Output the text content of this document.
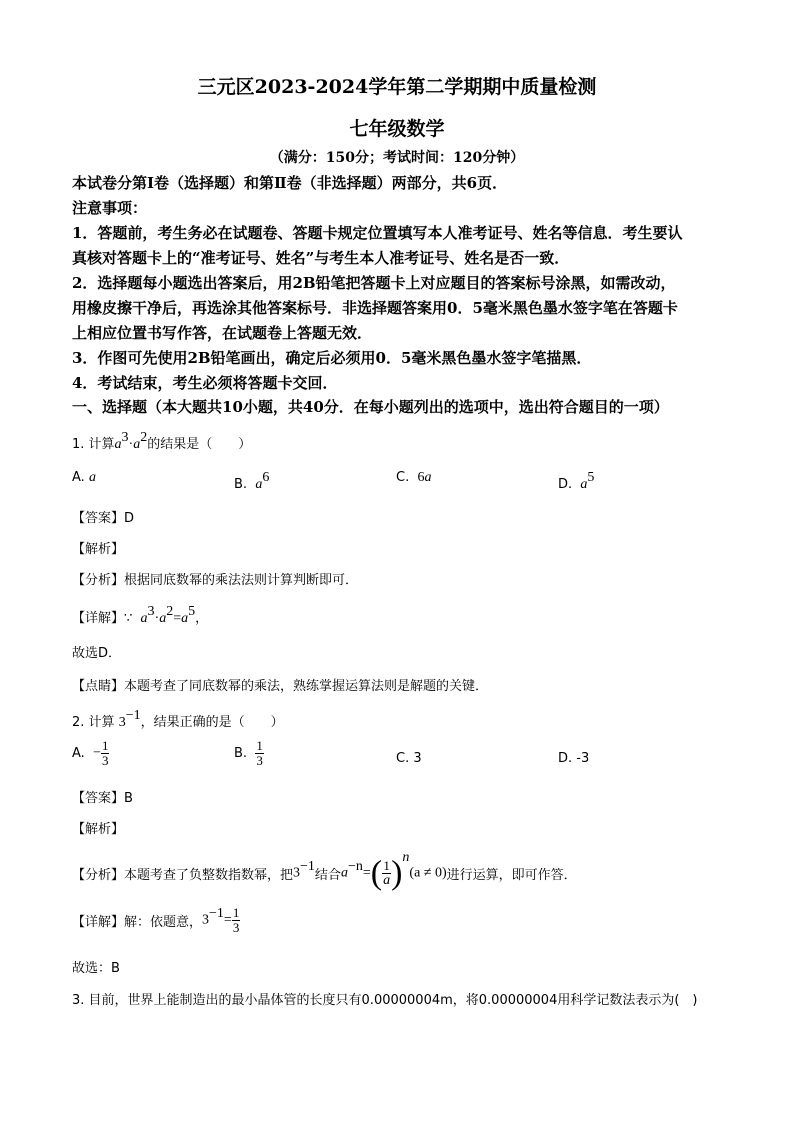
三元区2023-2024学年第二学期期中质量检测
七年级数学
（满分：150分；考试时间：120分钟）
本试卷分第Ⅰ卷（选择题）和第Ⅱ卷（非选择题）两部分，共6页．
注意事项：
1．答题前，考生务必在试题卷、答题卡规定位置填写本人准考证号、姓名等信息．考生要认
真核对答题卡上的“准考证号、姓名”与考生本人准考证号、姓名是否一致．
2．选择题每小题选出答案后，用2B铅笔把答题卡上对应题目的答案标号涂黑，如需改动，
用橡皮擦干净后，再选涂其他答案标号．非选择题答案用0．5毫米黑色墨水签字笔在答题卡
上相应位置书写作答，在试题卷上答题无效．
3．作图可先使用2B铅笔画出，确定后必须用0．5毫米黑色墨水签字笔描黑．
4．考试结束，考生必须将答题卡交回．
一、选择题（本大题共10小题，共40分．在每小题列出的选项中，选出符合题目的一项）
1. 计算$a^3\cdot a^2$的结果是（　　）
A. a	B. $a^6$	C. 6a	D. $a^5$
【答案】D
【解析】
【分析】根据同底数幂的乘法法则计算判断即可．
【详解】∵ $a^3\cdot a^2=a^5$，
故选D．
【点睛】本题考查了同底数幂的乘法，熟练掌握运算法则是解题的关键．
2. 计算 $3^{-1}$，结果正确的是（　　）
A. − $\frac{1}{3}$	B. $\frac{1}{3}$	C. 3	D. -3
【答案】B
【解析】
【分析】本题考查了负整数指数幂，把$3^{-1}$结合$a^{-n}=( \frac{1}{a} )^n(a \ne 0)$进行运算，即可作答．
【详解】解：依题意，$3^{-1}= \frac{1}{3}$
故选：B
3. 目前，世界上能制造出的最小晶体管的长度只有0.00000004m，将0.00000004用科学记数法表示为(　)
